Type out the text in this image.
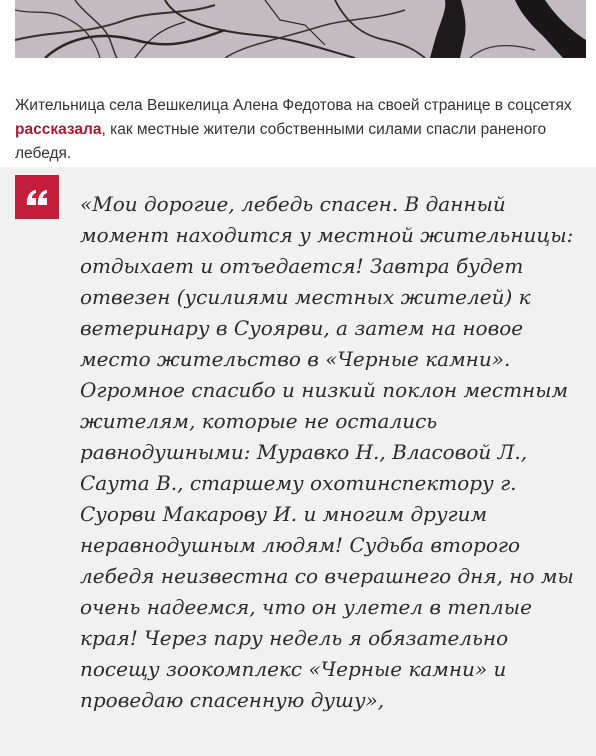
Жительница села Вешкелица Алена Федотова на своей странице в соцсетях рассказала, как местные жители собственными силами спасли раненого лебедя.

«Мои дорогие, лебедь спасен. В данный момент находится у местной жительницы: отдыхает и отъедается! Завтра будет отвезен (усилиями местных жителей) к ветеринару в Суоярви, а затем на новое место жительство в «Черные камни». Огромное спасибо и низкий поклон местным жителям, которые не остались равнодушными: Муравко Н., Власовой Л., Саута В., старшему охотинспектору г. Суорви Макарову И. и многим другим неравнодушным людям! Судьба второго лебедя неизвестна со вчерашнего дня, но мы очень надеемся, что он улетел в теплые края! Через пару недель я обязательно посещу зоокомплекс «Черные камни» и проведаю спасенную душу»,
